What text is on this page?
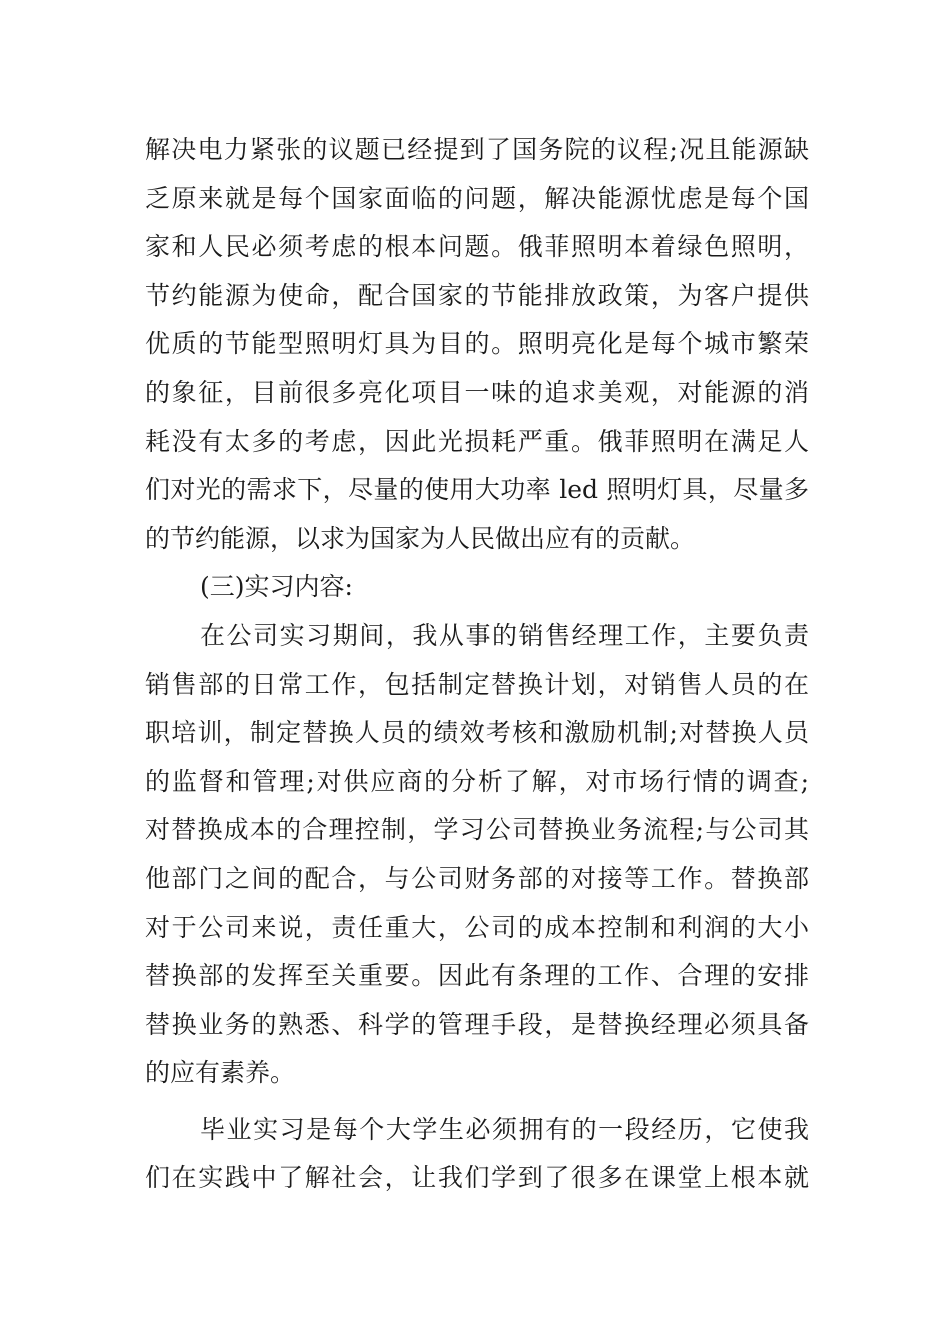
解决电力紧张的议题已经提到了国务院的议程;况且能源缺
乏原来就是每个国家面临的问题，解决能源忧虑是每个国
家和人民必须考虑的根本问题。俄菲照明本着绿色照明，
节约能源为使命，配合国家的节能排放政策，为客户提供
优质的节能型照明灯具为目的。照明亮化是每个城市繁荣
的象征，目前很多亮化项目一味的追求美观，对能源的消
耗没有太多的考虑，因此光损耗严重。俄菲照明在满足人
们对光的需求下，尽量的使用大功率 led 照明灯具，尽量多
的节约能源，以求为国家为人民做出应有的贡献。
(三)实习内容:
在公司实习期间，我从事的销售经理工作，主要负责
销售部的日常工作，包括制定替换计划，对销售人员的在
职培训，制定替换人员的绩效考核和激励机制;对替换人员
的监督和管理;对供应商的分析了解，对市场行情的调查;
对替换成本的合理控制，学习公司替换业务流程;与公司其
他部门之间的配合，与公司财务部的对接等工作。替换部
对于公司来说，责任重大，公司的成本控制和利润的大小
替换部的发挥至关重要。因此有条理的工作、合理的安排
替换业务的熟悉、科学的管理手段，是替换经理必须具备
的应有素养。
毕业实习是每个大学生必须拥有的一段经历，它使我
们在实践中了解社会，让我们学到了很多在课堂上根本就
